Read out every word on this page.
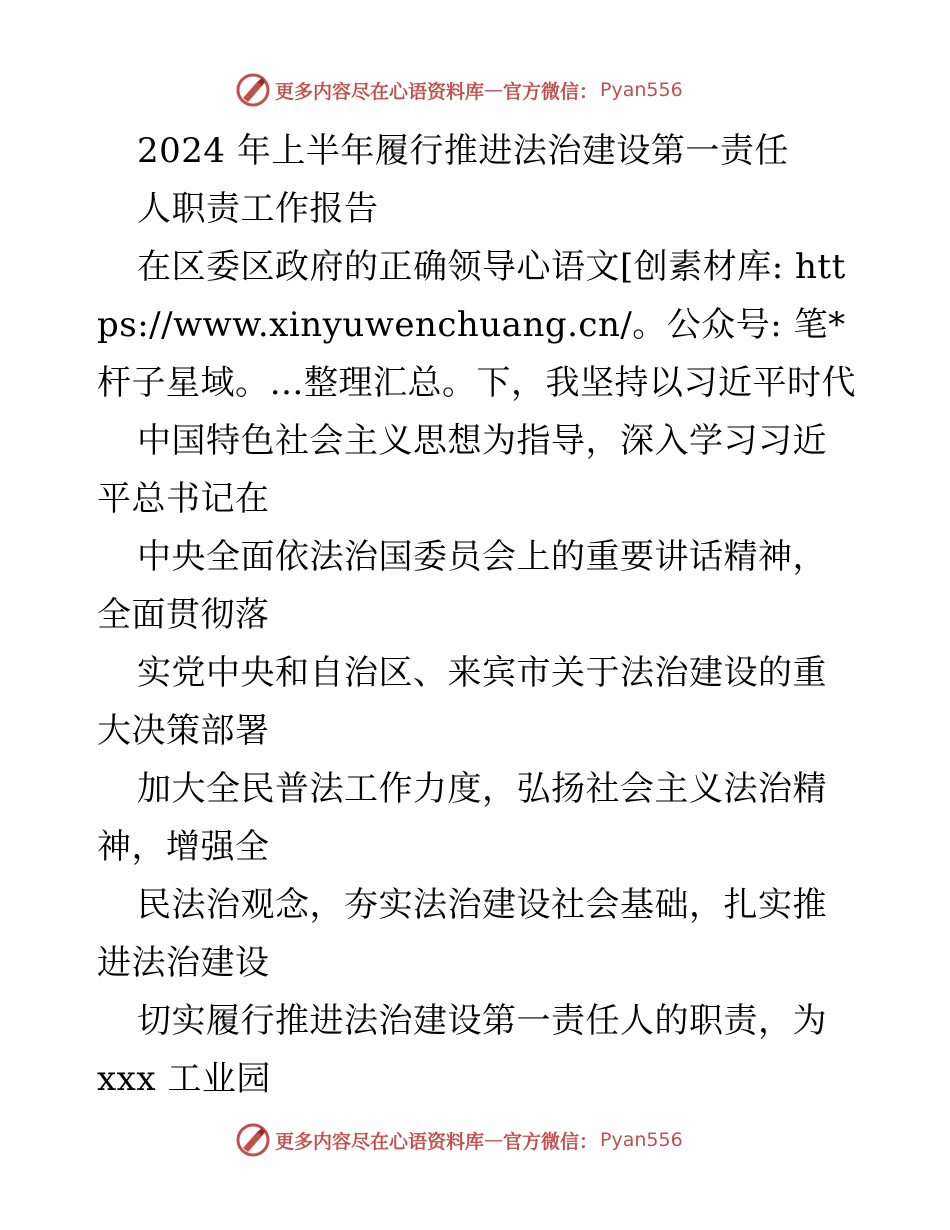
更多内容尽在心语资料库 — 官方微信： Pyan556

2024 年上半年履行推进法治建设第一责任

人职责工作报告

在区委区政府的正确领导心语文[创素材库: https://www.xinyuwenchuang.cn/。公众号: 笔*杆子星域。…整理汇总。下，我坚持以习近平时代

中国特色社会主义思想为指导，深入学习习近平总书记在

中央全面依法治国委员会上的重要讲话精神，全面贯彻落

实党中央和自治区、来宾市关于法治建设的重大决策部署

加大全民普法工作力度，弘扬社会主义法治精神，增强全

民法治观念，夯实法治建设社会基础，扎实推进法治建设

切实履行推进法治建设第一责任人的职责，为 xxx 工业园

更多内容尽在心语资料库 — 官方微信： Pyan556
